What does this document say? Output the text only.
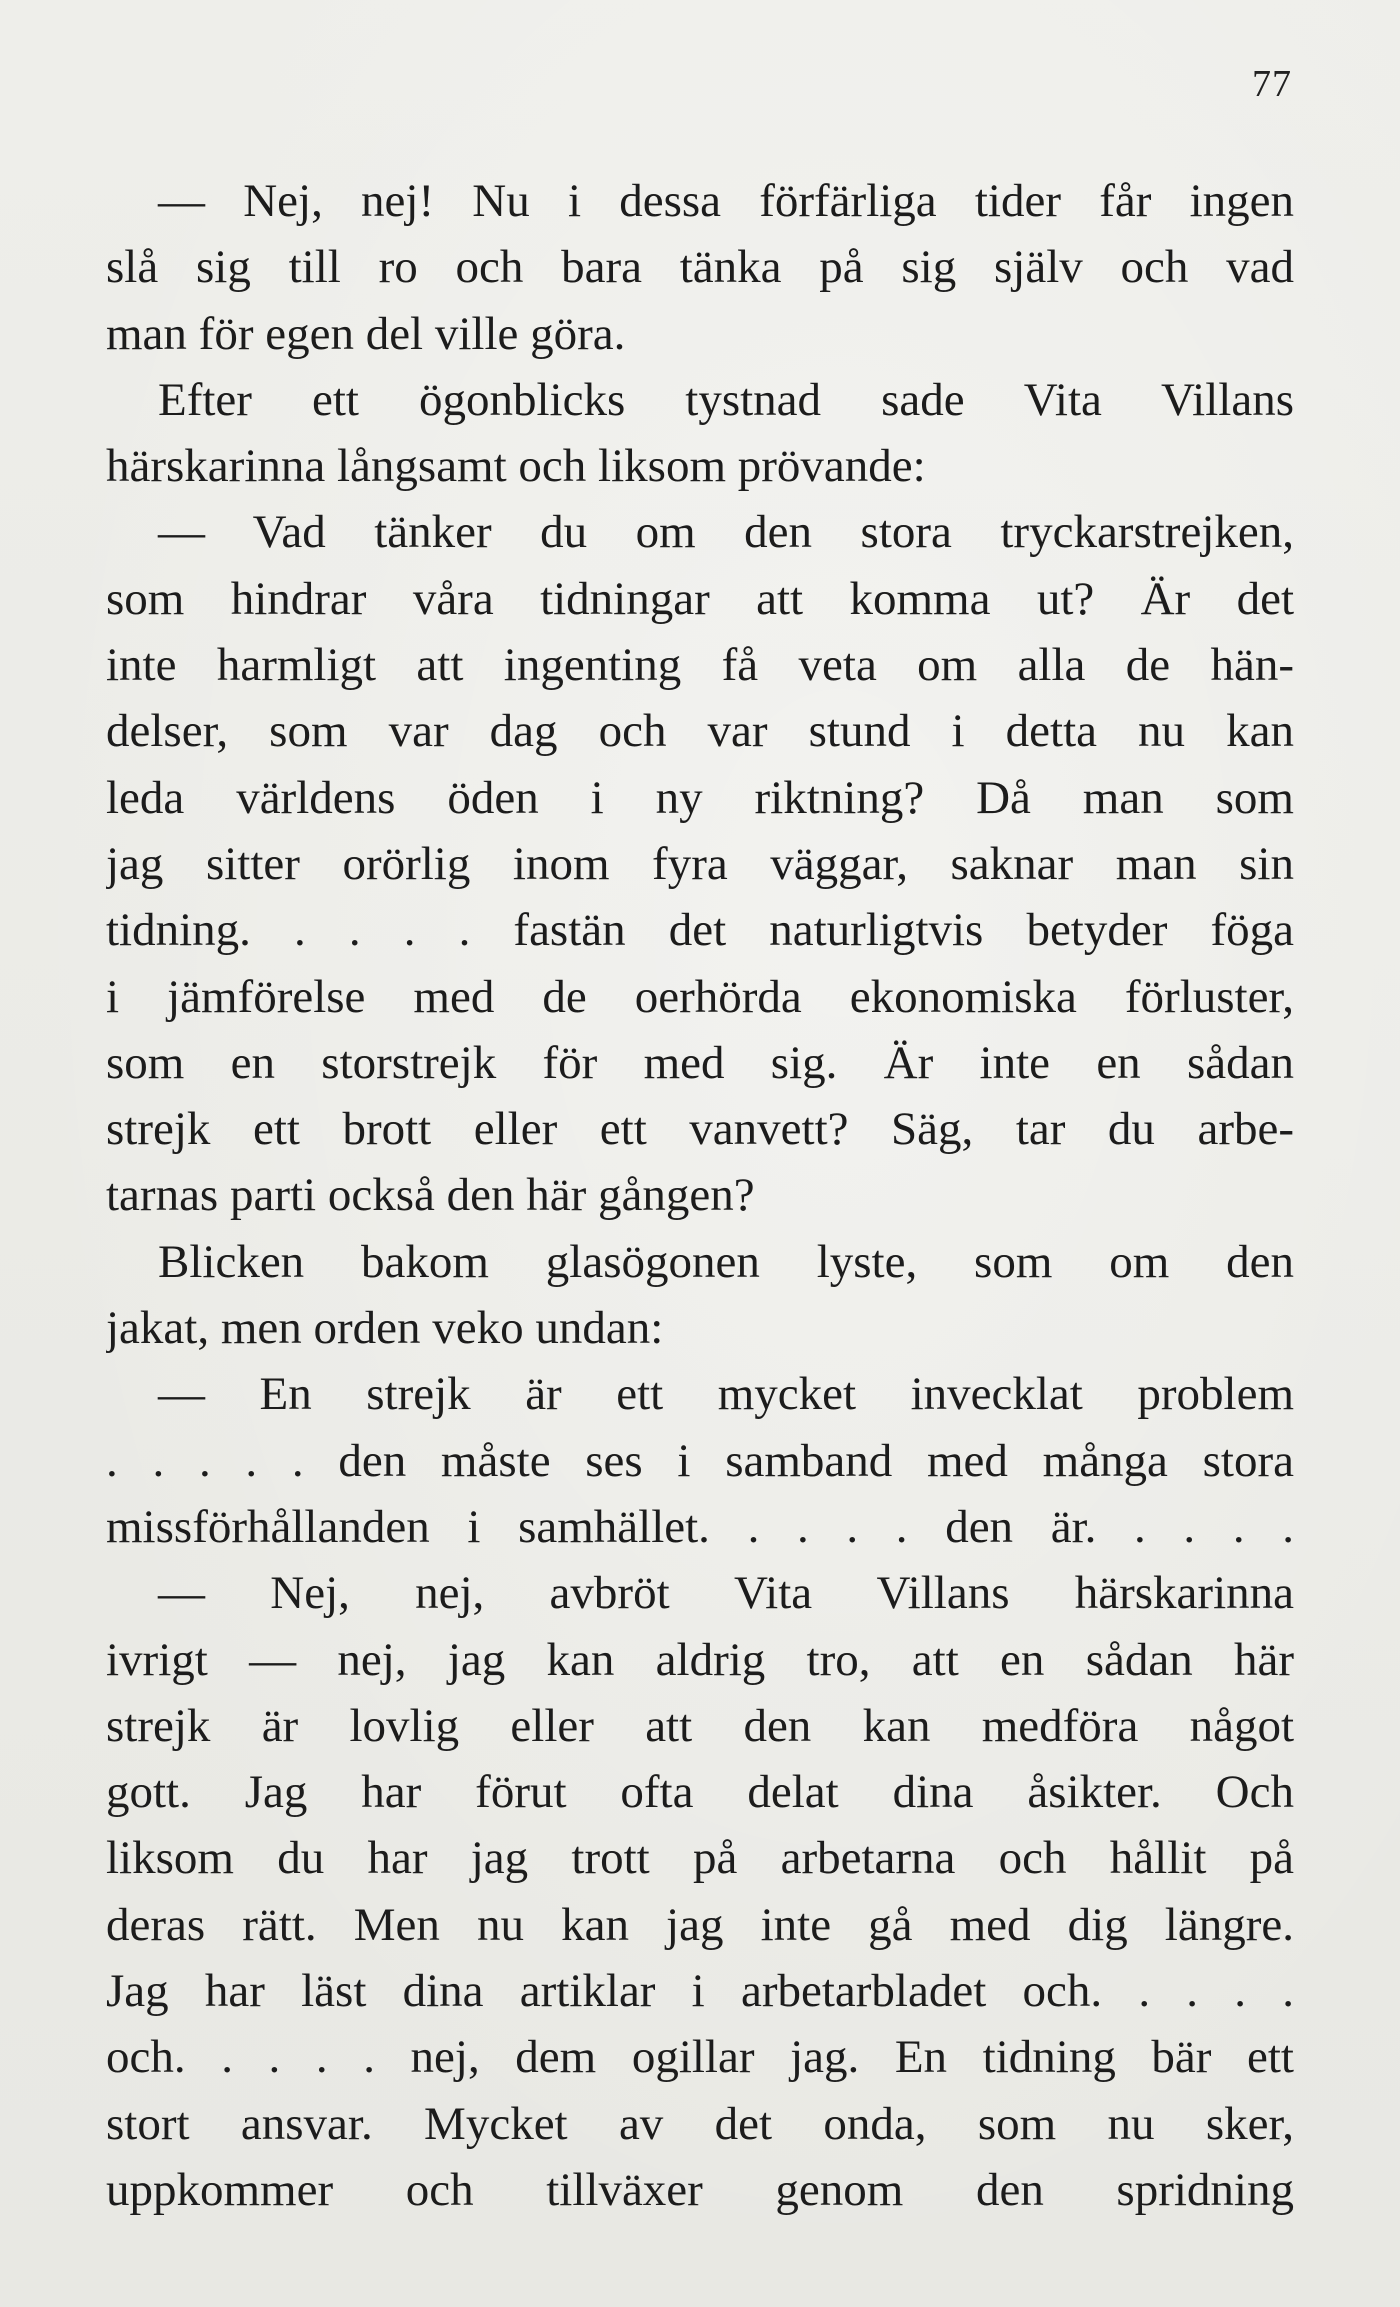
77
— Nej, nej! Nu i dessa förfärliga tider får ingen
slå sig till ro och bara tänka på sig själv och vad
man för egen del ville göra.
Efter ett ögonblicks tystnad sade Vita Villans
härskarinna långsamt och liksom prövande:
— Vad tänker du om den stora tryckarstrejken,
som hindrar våra tidningar att komma ut? Är det
inte harmligt att ingenting få veta om alla de hän-
delser, som var dag och var stund i detta nu kan
leda världens öden i ny riktning? Då man som
jag sitter orörlig inom fyra väggar, saknar man sin
tidning. . . . . fastän det naturligtvis betyder föga
i jämförelse med de oerhörda ekonomiska förluster,
som en storstrejk för med sig. Är inte en sådan
strejk ett brott eller ett vanvett? Säg, tar du arbe-
tarnas parti också den här gången?
Blicken bakom glasögonen lyste, som om den
jakat, men orden veko undan:
— En strejk är ett mycket invecklat problem
. . . . . den måste ses i samband med många stora
missförhållanden i samhället. . . . . den är. . . . .
— Nej, nej, avbröt Vita Villans härskarinna
ivrigt — nej, jag kan aldrig tro, att en sådan här
strejk är lovlig eller att den kan medföra något
gott. Jag har förut ofta delat dina åsikter. Och
liksom du har jag trott på arbetarna och hållit på
deras rätt. Men nu kan jag inte gå med dig längre.
Jag har läst dina artiklar i arbetarbladet och. . . . .
och. . . . . nej, dem ogillar jag. En tidning bär ett
stort ansvar. Mycket av det onda, som nu sker,
uppkommer och tillväxer genom den spridning
